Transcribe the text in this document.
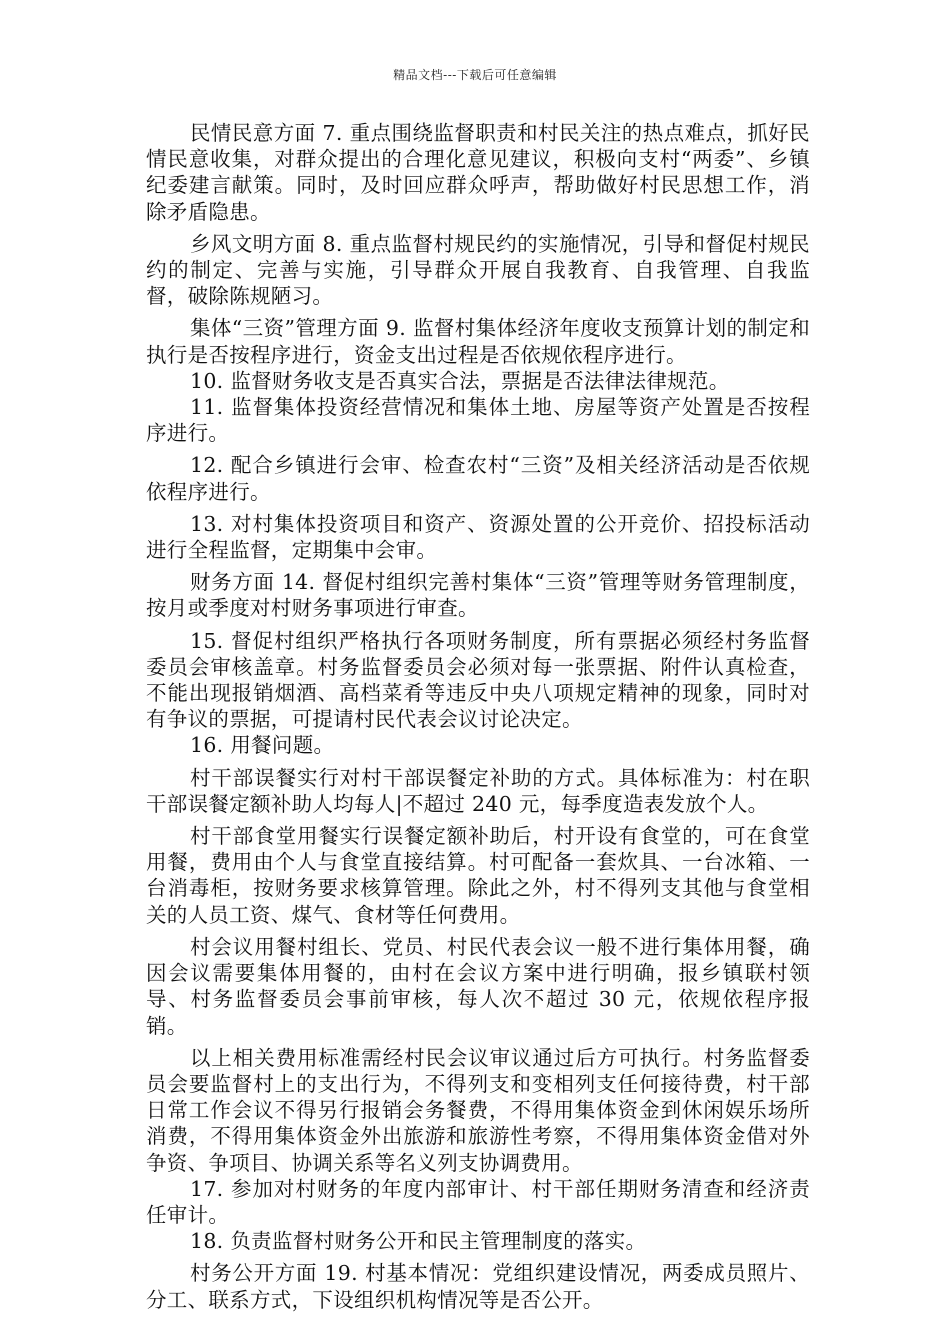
精品文档---下载后可任意编辑

民情民意方面 7. 重点围绕监督职责和村民关注的热点难点，抓好民情民意收集，对群众提出的合理化意见建议，积极向支村“两委”、乡镇纪委建言献策。同时，及时回应群众呼声，帮助做好村民思想工作，消除矛盾隐患。

乡风文明方面 8. 重点监督村规民约的实施情况，引导和督促村规民约的制定、完善与实施，引导群众开展自我教育、自我管理、自我监督，破除陈规陋习。

集体“三资”管理方面 9. 监督村集体经济年度收支预算计划的制定和执行是否按程序进行，资金支出过程是否依规依程序进行。

10. 监督财务收支是否真实合法，票据是否法律法律规范。

11. 监督集体投资经营情况和集体土地、房屋等资产处置是否按程序进行。

12. 配合乡镇进行会审、检查农村“三资”及相关经济活动是否依规依程序进行。

13. 对村集体投资项目和资产、资源处置的公开竞价、招投标活动进行全程监督，定期集中会审。

财务方面 14. 督促村组织完善村集体“三资”管理等财务管理制度，按月或季度对村财务事项进行审查。

15. 督促村组织严格执行各项财务制度，所有票据必须经村务监督委员会审核盖章。村务监督委员会必须对每一张票据、附件认真检查，不能出现报销烟酒、高档菜肴等违反中央八项规定精神的现象，同时对有争议的票据，可提请村民代表会议讨论决定。

16. 用餐问题。

村干部误餐实行对村干部误餐定补助的方式。具体标准为：村在职干部误餐定额补助人均每人|不超过 240 元，每季度造表发放个人。

村干部食堂用餐实行误餐定额补助后，村开设有食堂的，可在食堂用餐，费用由个人与食堂直接结算。村可配备一套炊具、一台冰箱、一台消毒柜，按财务要求核算管理。除此之外，村不得列支其他与食堂相关的人员工资、煤气、食材等任何费用。

村会议用餐村组长、党员、村民代表会议一般不进行集体用餐，确因会议需要集体用餐的，由村在会议方案中进行明确，报乡镇联村领导、村务监督委员会事前审核，每人次不超过 30 元，依规依程序报销。

以上相关费用标准需经村民会议审议通过后方可执行。村务监督委员会要监督村上的支出行为，不得列支和变相列支任何接待费，村干部日常工作会议不得另行报销会务餐费，不得用集体资金到休闲娱乐场所消费，不得用集体资金外出旅游和旅游性考察，不得用集体资金借对外争资、争项目、协调关系等名义列支协调费用。

17. 参加对村财务的年度内部审计、村干部任期财务清查和经济责任审计。

18. 负责监督村财务公开和民主管理制度的落实。

村务公开方面 19. 村基本情况：党组织建设情况，两委成员照片、分工、联系方式，下设组织机构情况等是否公开。
